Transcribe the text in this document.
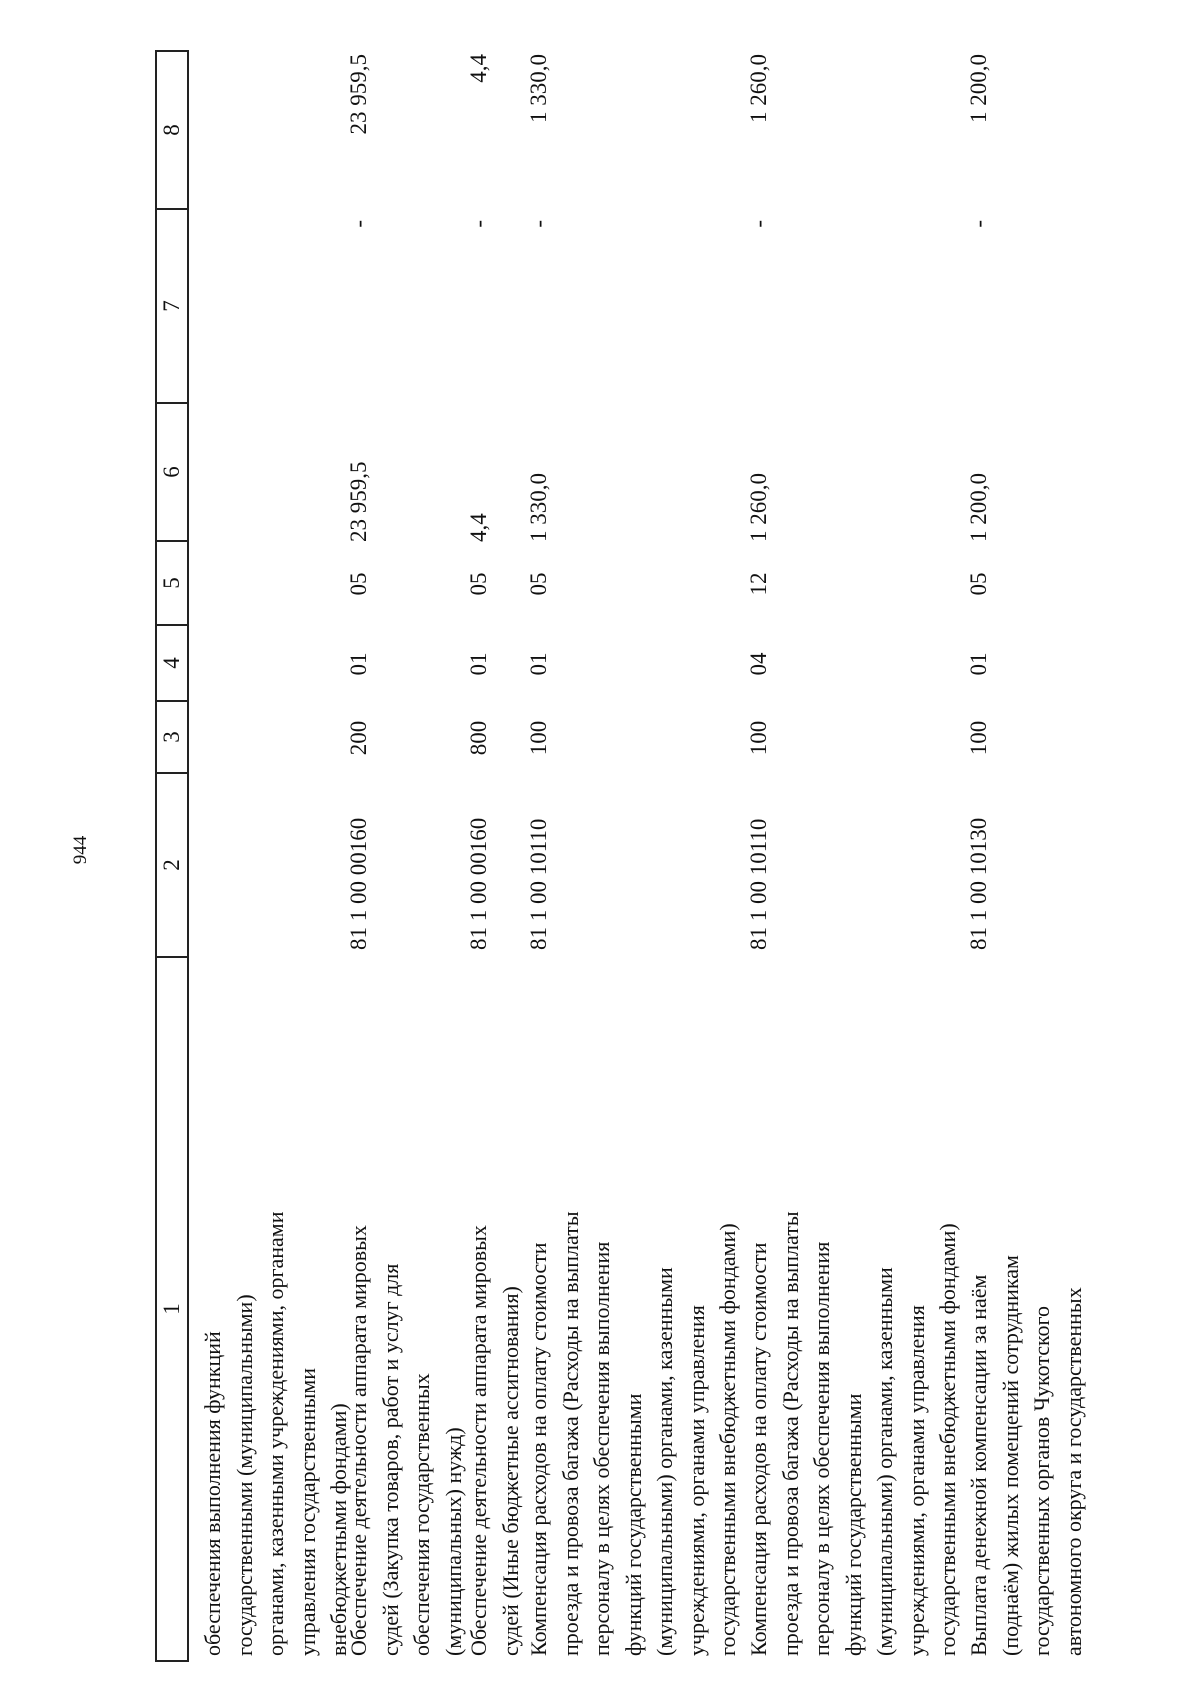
944
обеспечения выполнения функций государственными (муниципальными) органами, казенными учреждениями, органами управления государственными внебюджетными фондами)
Обеспечение деятельности аппарата мировых судей (Закупка товаров, работ и услуг для обеспечения государственных (муниципальных) нужд)
81 1 00 00160
200
01
05
23 959,5
-
23 959,5
Обеспечение деятельности аппарата мировых судей (Иные бюджетные ассигнования)
81 1 00 00160
800
01
05
4,4
-
4,4
Компенсация расходов на оплату стоимости проезда и провоза багажа (Расходы на выплаты персоналу в целях обеспечения выполнения функций государственными (муниципальными) органами, казенными учреждениями, органами управления государственными внебюджетными фондами)
81 1 00 10110
100
01
05
1 330,0
-
1 330,0
Компенсация расходов на оплату стоимости проезда и провоза багажа (Расходы на выплаты персоналу в целях обеспечения выполнения функций государственными (муниципальными) органами, казенными учреждениями, органами управления государственными внебюджетными фондами)
81 1 00 10110
100
04
12
1 260,0
-
1 260,0
Выплата денежной компенсации за наём (поднаём) жилых помещений сотрудникам государственных органов Чукотского автономного округа и государственных
81 1 00 10130
100
01
05
1 200,0
-
1 200,0
1
2
3
4
5
6
7
8
